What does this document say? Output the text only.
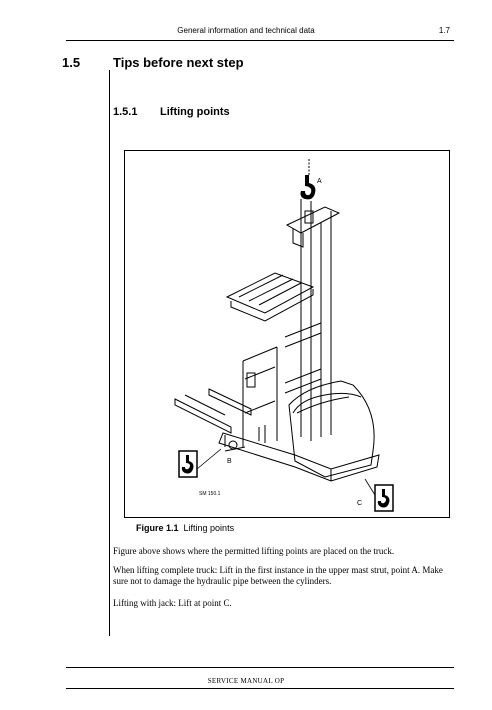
General information and technical data	1.7
1.5	Tips before next step
1.5.1 Lifting points
A
B
C
SM 150.1
Figure 1.1 Lifting points
Figure above shows where the permitted lifting points are placed on the truck.
When lifting complete truck: Lift in the first instance in the upper mast strut, point A. Make sure not to damage the hydraulic pipe between the cylinders.
Lifting with jack: Lift at point C.
SERVICE MANUAL OP
